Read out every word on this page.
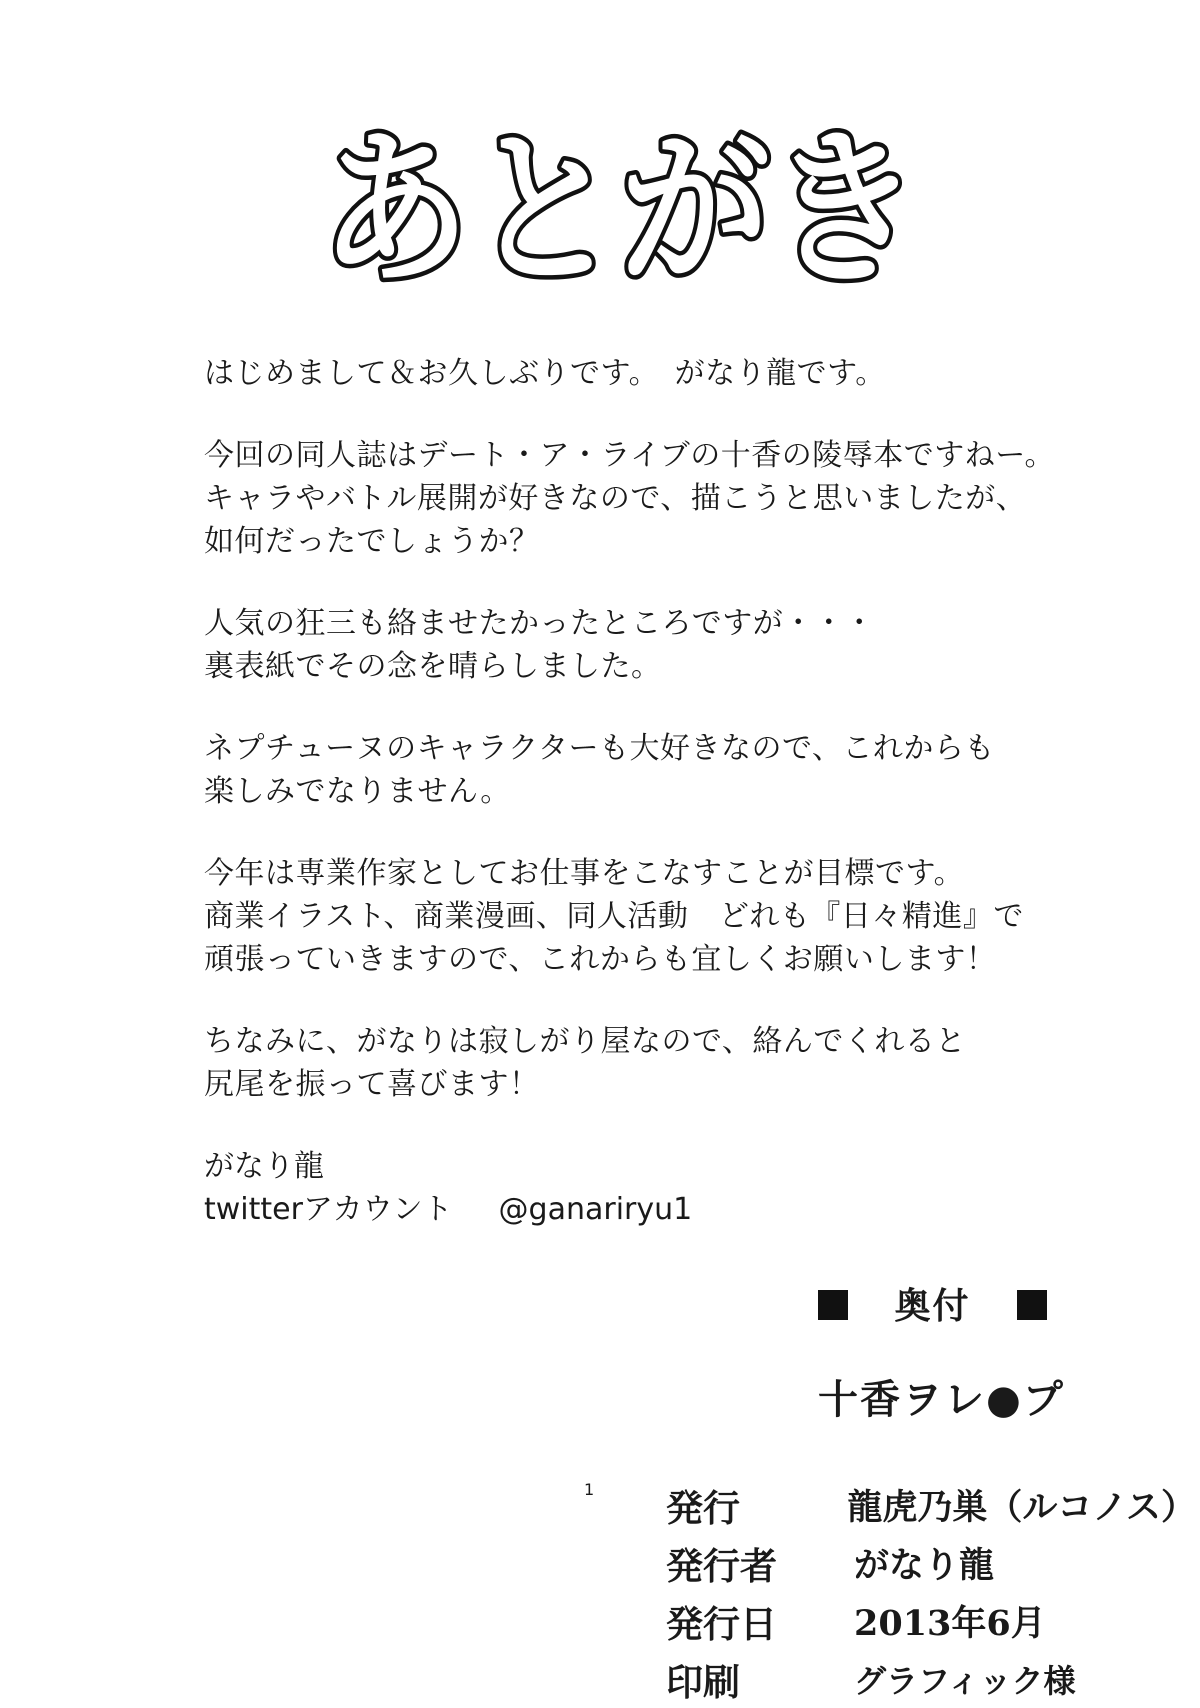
あとがき
はじめまして＆お久しぶりです。　がなり龍です。
今回の同人誌はデート・ア・ライブの十香の陵辱本ですねー。
キャラやバトル展開が好きなので、描こうと思いましたが、
如何だったでしょうか？
人気の狂三も絡ませたかったところですが・・・
裏表紙でその念を晴らしました。
ネプチューヌのキャラクターも大好きなので、これからも
楽しみでなりません。
今年は専業作家としてお仕事をこなすことが目標です。
商業イラスト、商業漫画、同人活動　どれも『日々精進』で
頑張っていきますので、これからも宜しくお願いします！
ちなみに、がなりは寂しがり屋なので、絡んでくれると
尻尾を振って喜びます！
がなり龍
twitterアカウント @ganariryu1
奥付
十香ヲレ●プ
1 発行	龍虎乃巣（ルコノス）
発行者	がなり龍
発行日	2013年6月
印刷	グラフィック様
